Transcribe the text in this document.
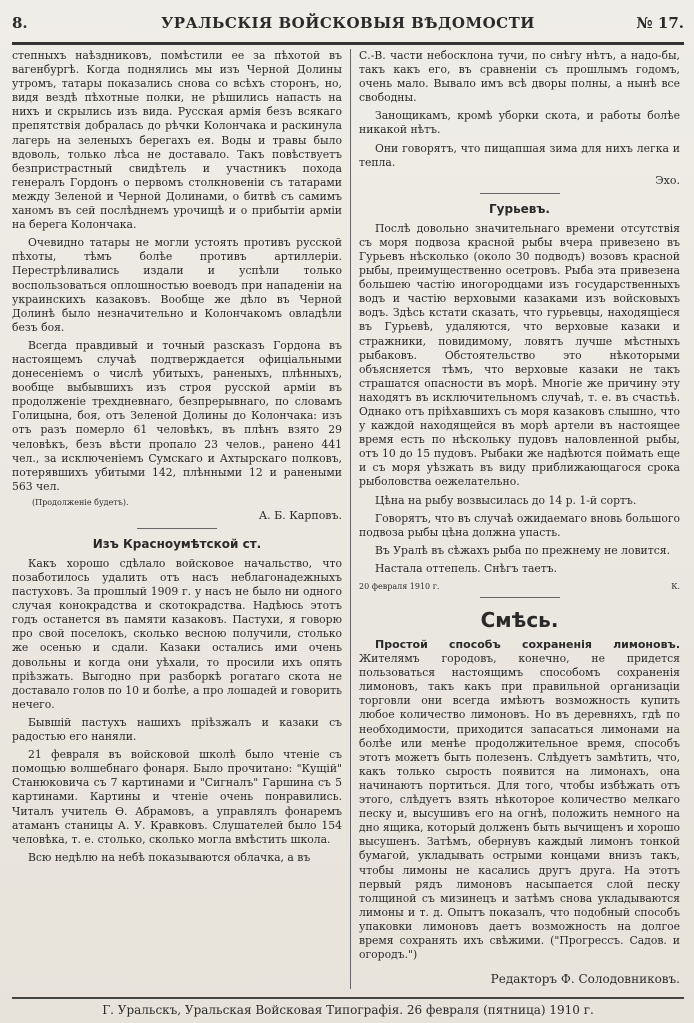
8.	УРАЛЬСКІЯ ВОЙСКОВЫЯ ВѢДОМОСТИ	№ 17.

степныхъ наѣздниковъ, помѣстили ее за пѣхотой въ вагенбургѣ. Когда поднялись мы изъ Черной Долины утромъ, татары показались снова со всѣхъ сторонъ, но, видя вездѣ пѣхотные полки, не рѣшились напасть на нихъ и скрылись изъ вида. Русская армія безъ всякаго препятствія добралась до рѣчки Колончака и раскинула лагерь на зеленыхъ берегахъ ея. Воды и травы было вдоволь, только лѣса не доставало. Такъ повѣствуетъ безпристрастный свидѣтель и участникъ похода генералъ Гордонъ о первомъ столкновеніи съ татарами между Зеленой и Черной Долинами, о битвѣ съ самимъ ханомъ въ сей послѣднемъ урочищѣ и о прибытіи арміи на берега Колончака.

Очевидно татары не могли устоять противъ русской пѣхоты, тѣмъ болѣе противъ артиллеріи. Перестрѣливались издали и успѣли только воспользоваться оплошностью воеводъ при нападеніи на украинскихъ казаковъ. Вообще же дѣло въ Черной Долинѣ было незначительно и Колончакомъ овладѣли безъ боя.

Всегда правдивый и точный разсказъ Гордона въ настоящемъ случаѣ подтверждается офиціальными донесеніемъ о числѣ убитыхъ, раненыхъ, плѣнныхъ, вообще выбывшихъ изъ строя русской арміи въ продолженіе трехдневнаго, безпрерывнаго, по словамъ Голицына, боя, отъ Зеленой Долины до Колончака: изъ отъ разъ померло 61 человѣкъ, въ плѣнъ взято 29 человѣкъ, безъ вѣсти пропало 23 челов., ранено 441 чел., за исключеніемъ Сумскаго и Ахтырскаго полковъ, потерявшихъ убитыми 142, плѣнными 12 и ранеными 563 чел.

(Продолженіе будетъ).
А. Б. Карповъ.
Изъ Красноумѣтской ст.

Какъ хорошо сдѣлало войсковое начальство, что позаботилось удалить отъ насъ неблагонадежныхъ пастуховъ. За прошлый 1909 г. у насъ не было ни одного случая конокрадства и скотокрадства. Надѣюсь этотъ годъ останется въ памяти казаковъ. Пастухи, я говорю про свой поселокъ, сколько весною получили, столько же осенью и сдали. Казаки остались ими очень довольны и когда они уѣхали, то просили ихъ опять пріѣзжать. Выгодно при разборкѣ рогатаго скота не доставало голов по 10 и болѣе, а про лошадей и говорить нечего.

Бывшій пастухъ нашихъ пріѣзжалъ и казаки съ радостью его наняли.

21 февраля въ войсковой школѣ было чтеніе съ помощью волшебнаго фонаря. Было прочитано: "Кущій" Станюковича съ 7 картинами и "Сигналъ" Гаршина съ 5 картинами. Картины и чтеніе очень понравились. Читалъ учитель Ѳ. Абрамовъ, а управлялъ фонаремъ атаманъ станицы А. У. Кравковъ. Слушателей было 154 человѣка, т. е. столько, сколько могла вмѣстить школа.

Всю недѣлю на небѣ показываются облачка, а въ

С.-В. части небосклона тучи, по снѣгу нѣтъ, а надо-бы, такъ какъ его, въ сравненіи съ прошлымъ годомъ, очень мало. Вывало имъ всѣ дворы полны, а нынѣ все свободны.

Занощикамъ, кромѣ уборки скота, и работы болѣе никакой нѣтъ.

Они говорятъ, что пищапшая зима для нихъ легка и тепла.

Эхо.
Гурьевъ.

Послѣ довольно значительнаго времени отсутствія съ моря подвоза красной рыбы вчера привезено въ Гурьевъ нѣсколько (около 30 подводъ) возовъ красной рыбы, преимущественно осетровъ. Рыба эта привезена большею частію иногородцами изъ государственныхъ водъ и частію верховыми казаками изъ войсковыхъ водъ. Здѣсь кстати сказать, что гурьевцы, находящіеся въ Гурьевѣ, удаляются, что верховые казаки и стражники, повидимому, ловятъ лучше мѣстныхъ рыбаковъ. Обстоятельство это нѣкоторыми объясняется тѣмъ, что верховые казаки не такъ страшатся опасности въ морѣ. Многіе же причину эту находятъ въ исключительномъ случаѣ, т. е. въ счастьѣ. Однако отъ пріѣхавшихъ съ моря казаковъ слышно, что у каждой находящейся въ морѣ артели въ настоящее время есть по нѣскольку пудовъ наловленной рыбы, отъ 10 до 15 пудовъ. Рыбаки же надѣются поймать еще и съ моря уѣзжать въ виду приближающагося срока рыболовства оежелательно.

Цѣна на рыбу возвысилась до 14 р. 1-й сортъ.

Говорятъ, что въ случаѣ ожидаемаго вновь большого подвоза рыбы цѣна должна упасть.

Въ Уралѣ въ сѣжахъ рыба по прежнему не ловится.

Настала оттепель. Снѣгъ таетъ.

20 февраля 1910 г.	К.
Смѣсь.

Простой способъ сохраненія лимоновъ. Жителямъ городовъ, конечно, не придется пользоваться настоящимъ способомъ сохраненія лимоновъ, такъ какъ при правильной организаціи торговли они всегда имѣютъ возможность купить любое количество лимоновъ. Но въ деревняхъ, гдѣ по необходимости, приходится запасаться лимонами на болѣе или менѣе продолжительное время, способъ этотъ можетъ быть полезенъ. Слѣдуетъ замѣтить, что, какъ только сырость появится на лимонахъ, она начинаютъ портиться. Для того, чтобы избѣжать отъ этого, слѣдуетъ взять нѣкоторое количество мелкаго песку и, высушивъ его на огнѣ, положить немного на дно ящика, который долженъ быть вычищенъ и хорошо высушенъ. Затѣмъ, обернувъ каждый лимонъ тонкой бумагой, укладывать острыми концами внизъ такъ, чтобы лимоны не касались другъ друга. На этотъ первый рядъ лимоновъ насыпается слой песку толщиной съ мизинецъ и затѣмъ снова укладываются лимоны и т. д. Опытъ показалъ, что подобный способъ упаковки лимоновъ даетъ возможность на долгое время сохранять ихъ свѣжими. ("Прогрессъ. Садов. и огородъ.")

Редакторъ Ф. Солодовниковъ.
Г. Уральскъ, Уральская Войсковая Типографія. 26 февраля (пятница) 1910 г.
